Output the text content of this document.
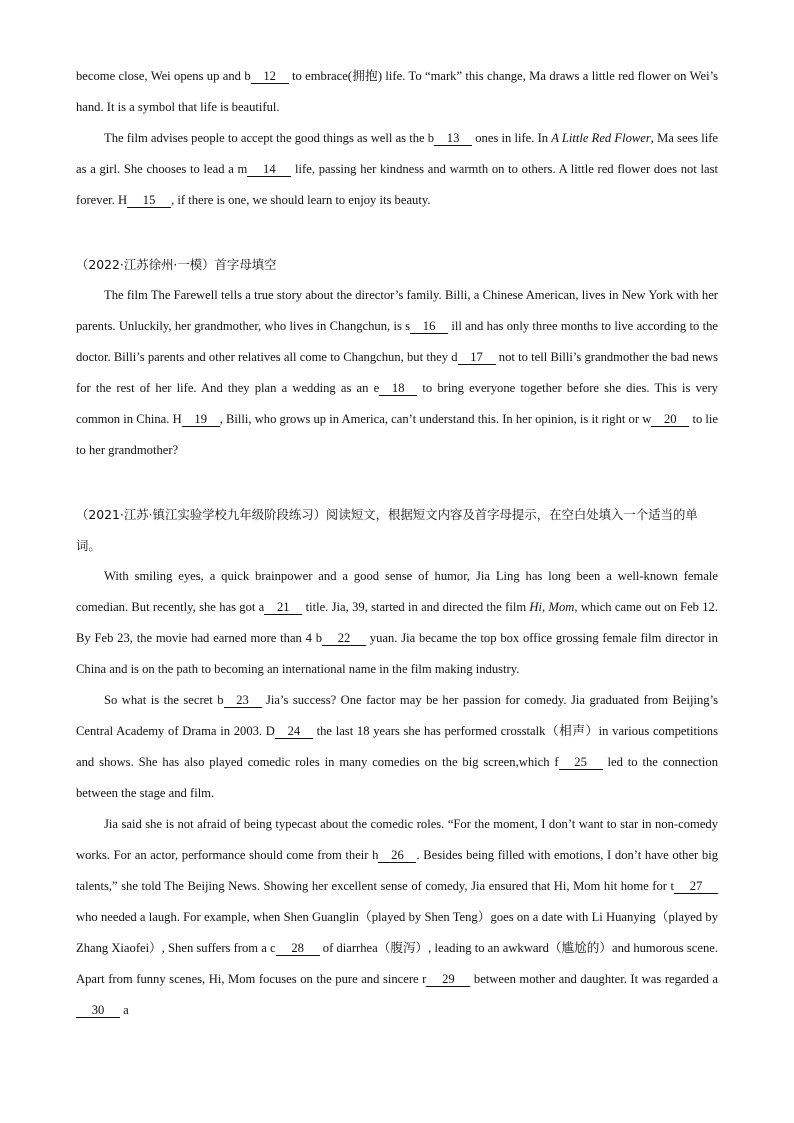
become close, Wei opens up and b 12 to embrace(拥抱) life. To “mark” this change, Ma draws a little red flower on Wei’s hand. It is a symbol that life is beautiful.

The film advises people to accept the good things as well as the b 13 ones in life. In A Little Red Flower, Ma sees life as a girl. She chooses to lead a m 14 life, passing her kindness and warmth on to others. A little red flower does not last forever. H 15 , if there is one, we should learn to enjoy its beauty.

（2022·江苏徐州·一模）首字母填空

The film The Farewell tells a true story about the director’s family. Billi, a Chinese American, lives in New York with her parents. Unluckily, her grandmother, who lives in Changchun, is s 16 ill and has only three months to live according to the doctor. Billi’s parents and other relatives all come to Changchun, but they d 17 not to tell Billi’s grandmother the bad news for the rest of her life. And they plan a wedding as an e 18 to bring everyone together before she dies. This is very common in China. H 19 , Billi, who grows up in America, can’t understand this. In her opinion, is it right or w 20 to lie to her grandmother?

（2021·江苏·镇江实验学校九年级阶段练习）阅读短文，根据短文内容及首字母提示，在空白处填入一个适当的单词。

With smiling eyes, a quick brainpower and a good sense of humor, Jia Ling has long been a well-known female comedian. But recently, she has got a 21 title. Jia, 39, started in and directed the film Hi, Mom, which came out on Feb 12. By Feb 23, the movie had earned more than 4 b 22 yuan. Jia became the top box office grossing female film director in China and is on the path to becoming an international name in the film making industry.

So what is the secret b 23 Jia’s success? One factor may be her passion for comedy. Jia graduated from Beijing’s Central Academy of Drama in 2003. D 24 the last 18 years she has performed crosstalk（相声）in various competitions and shows. She has also played comedic roles in many comedies on the big screen,which f 25 led to the connection between the stage and film.

Jia said she is not afraid of being typecast about the comedic roles. “For the moment, I don’t want to star in non-comedy works. For an actor, performance should come from their h 26 . Besides being filled with emotions, I don’t have other big talents,” she told The Beijing News. Showing her excellent sense of comedy, Jia ensured that Hi, Mom hit home for t 27 who needed a laugh. For example, when Shen Guanglin（played by Shen Teng）goes on a date with Li Huanying（played by Zhang Xiaofei）, Shen suffers from a c 28 of diarrhea（腹泻）, leading to an awkward（尴尬的）and humorous scene. Apart from funny scenes, Hi, Mom focuses on the pure and sincere r 29 between mother and daughter. It was regarded a30 a
